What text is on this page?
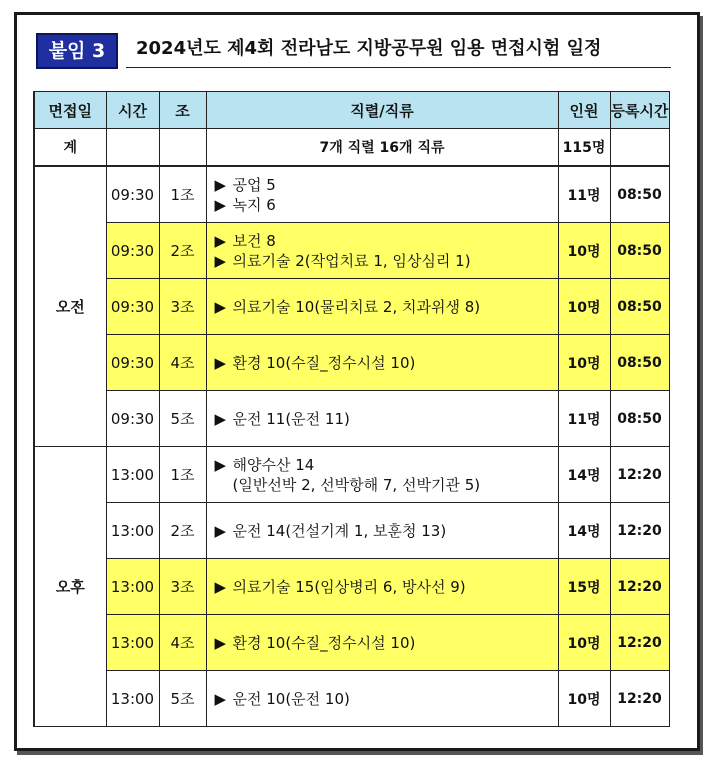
붙임 3	2024년도 제4회 전라남도 지방공무원 임용 면접시험 일정
면접일	시간	조	직렬/직류	인원	등록시간
계			7개 직렬 16개 직류	115명	
오전	09:30	1조	▶ 공업 5
▶ 녹지 6	11명	08:50
	09:30	2조	▶ 보건 8
▶ 의료기술 2(작업치료 1, 임상심리 1)	10명	08:50
	09:30	3조	▶ 의료기술 10(물리치료 2, 치과위생 8)	10명	08:50
	09:30	4조	▶ 환경 10(수질_정수시설 10)	10명	08:50
	09:30	5조	▶ 운전 11(운전 11)	11명	08:50
오후	13:00	1조	▶ 해양수산 14
(일반선박 2, 선박항해 7, 선박기관 5)	14명	12:20
	13:00	2조	▶ 운전 14(건설기계 1, 보훈청 13)	14명	12:20
	13:00	3조	▶ 의료기술 15(임상병리 6, 방사선 9)	15명	12:20
	13:00	4조	▶ 환경 10(수질_정수시설 10)	10명	12:20
	13:00	5조	▶ 운전 10(운전 10)	10명	12:20
